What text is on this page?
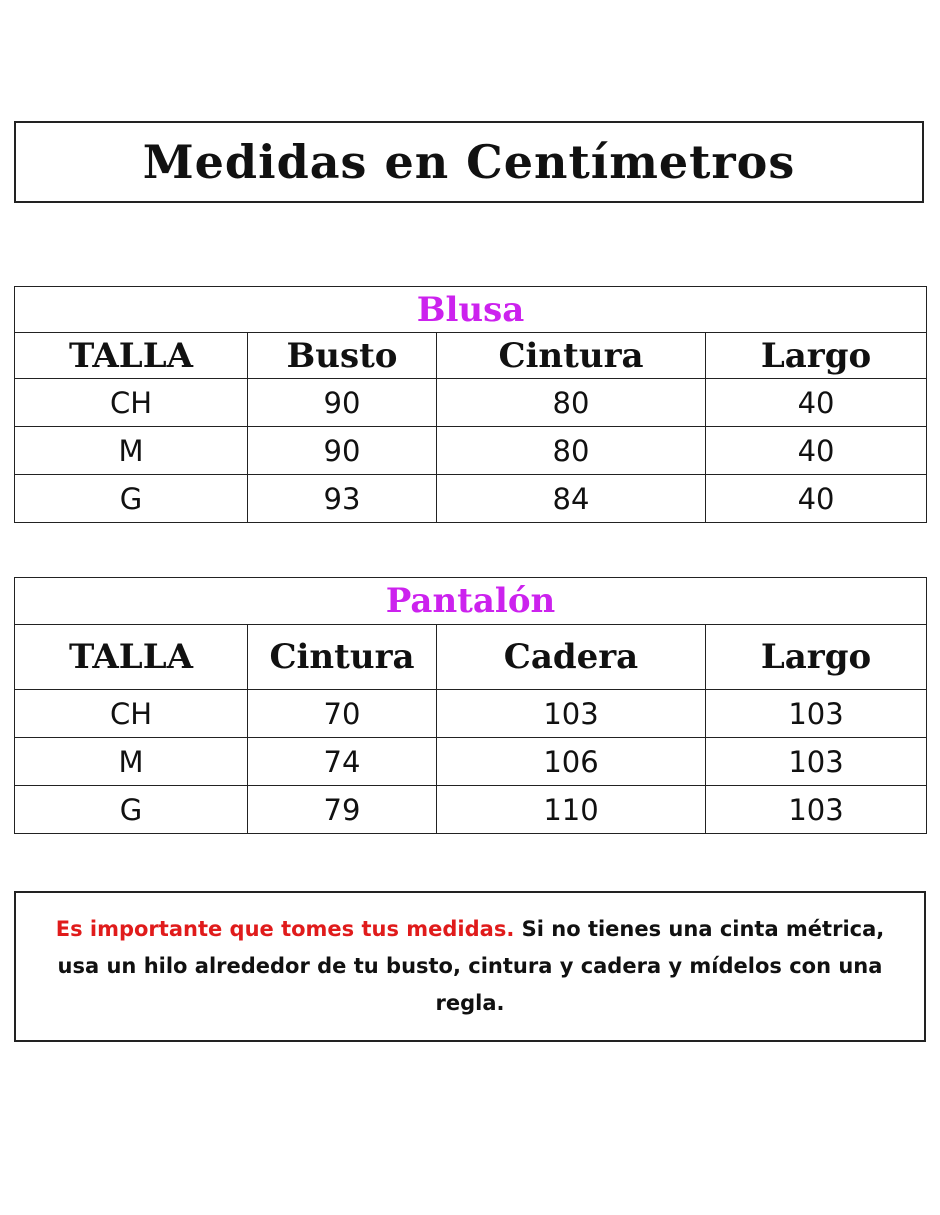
Medidas en Centímetros
Blusa			
TALLA	Busto	Cintura	Largo
CH	90	80	40
M	90	80	40
G	93	84	40
Pantalón			
TALLA	Cintura	Cadera	Largo
CH	70	103	103
M	74	106	103
G	79	110	103

Es importante que tomes tus medidas. Si no tienes una cinta métrica, usa un hilo alrededor de tu busto, cintura y cadera y mídelos con una regla.
